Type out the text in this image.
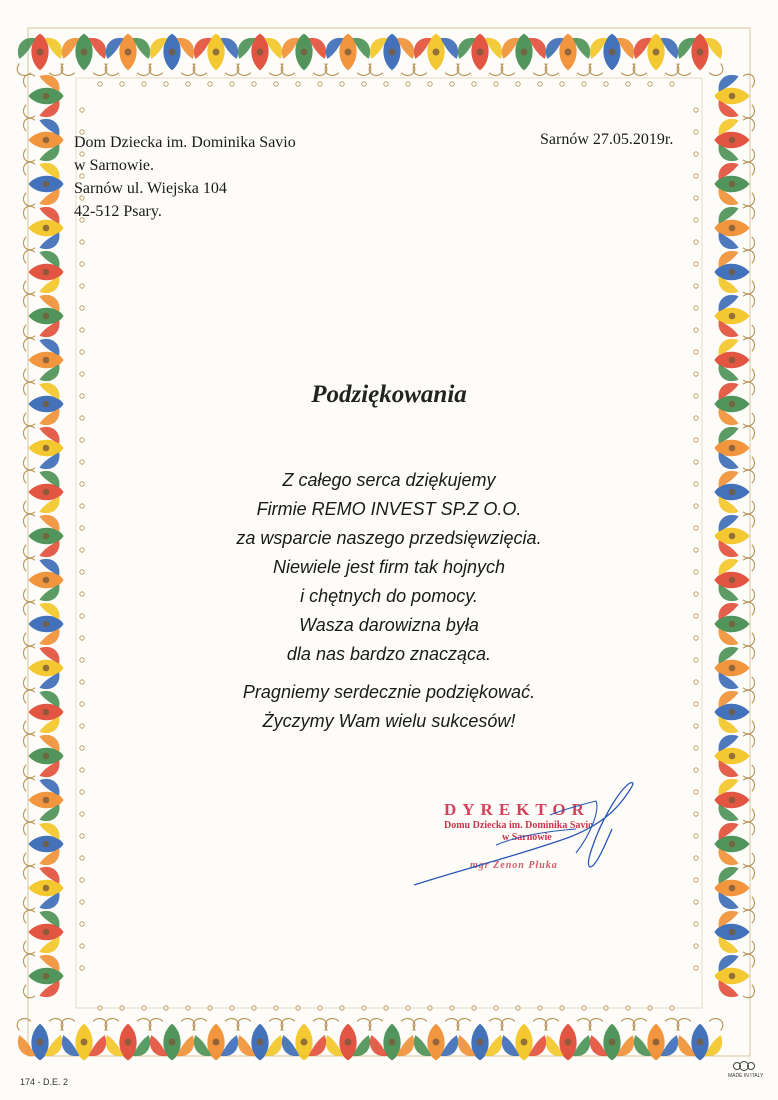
Dom Dziecka im. Dominika Savio
w Sarnowie.
Sarnów ul. Wiejska 104
42-512 Psary.
Sarnów 27.05.2019r.
Podziękowania
Z całego serca dziękujemy
Firmie REMO INVEST SP.Z O.O.
za wsparcie naszego przedsięwzięcia.
Niewiele jest firm tak hojnych
i chętnych do pomocy.
Wasza darowizna była
dla nas bardzo znacząca.
Pragniemy serdecznie podziękować.
Życzymy Wam wielu sukcesów!
DYREKTOR
Domu Dziecka im. Dominika Savio
w Sarnowie
mgr Zenon Płuka
174 - D.E. 2
MADE IN ITALY
